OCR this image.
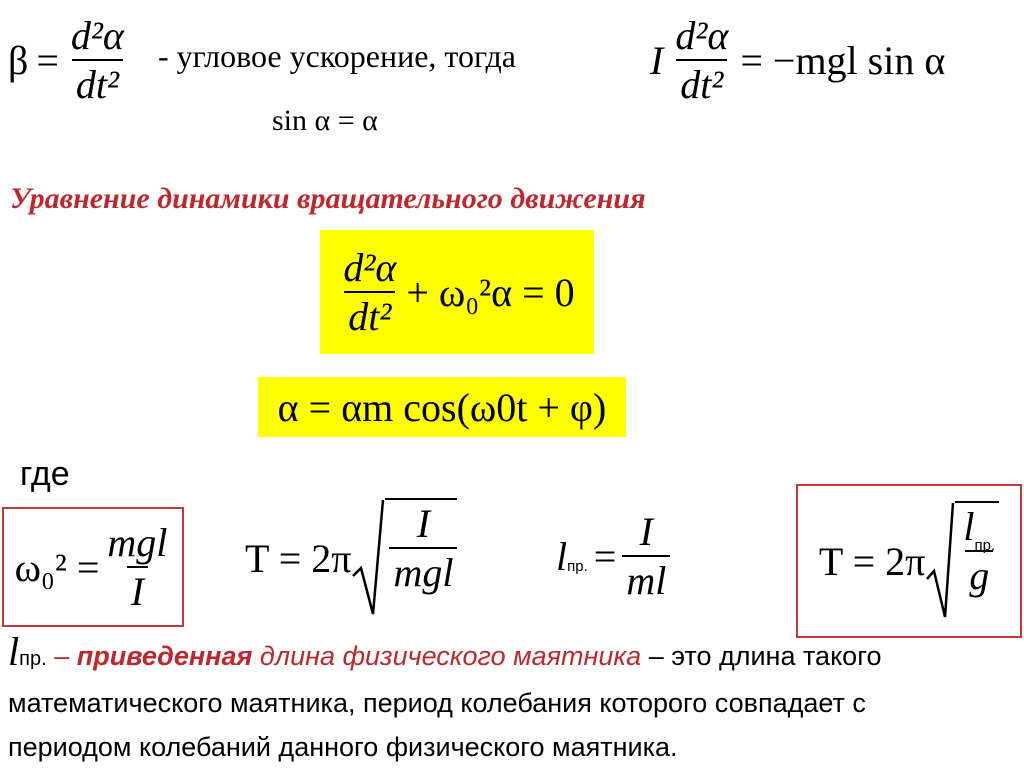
$\beta = \frac{\text{d²α}}{\text{dt²}}$ - угловое ускорение, тогда
sin α = α
I $\frac{\text{d²α}}{\text{dt²}} = -mgl$ sin α
Уравнение динамики вращательного движения
$\frac{\text{d²α}}{\text{dt²}} + \omega_0^2\alpha = 0$
α = αm cos(ω0t + φ)
где
$\omega_0^2 = \frac{\text{mgl}}{I}$ $T = 2\pi \frac{I}{\text{mgl}}$ l пр. = $\frac{I}{ml}$	$T = 2\pi \frac{l_{пр.}}{g}$
lпр. – приведенная длина физического маятника – это длина такого
математического маятника, период колебания которого совпадает с
периодом колебаний данного физического маятника.
